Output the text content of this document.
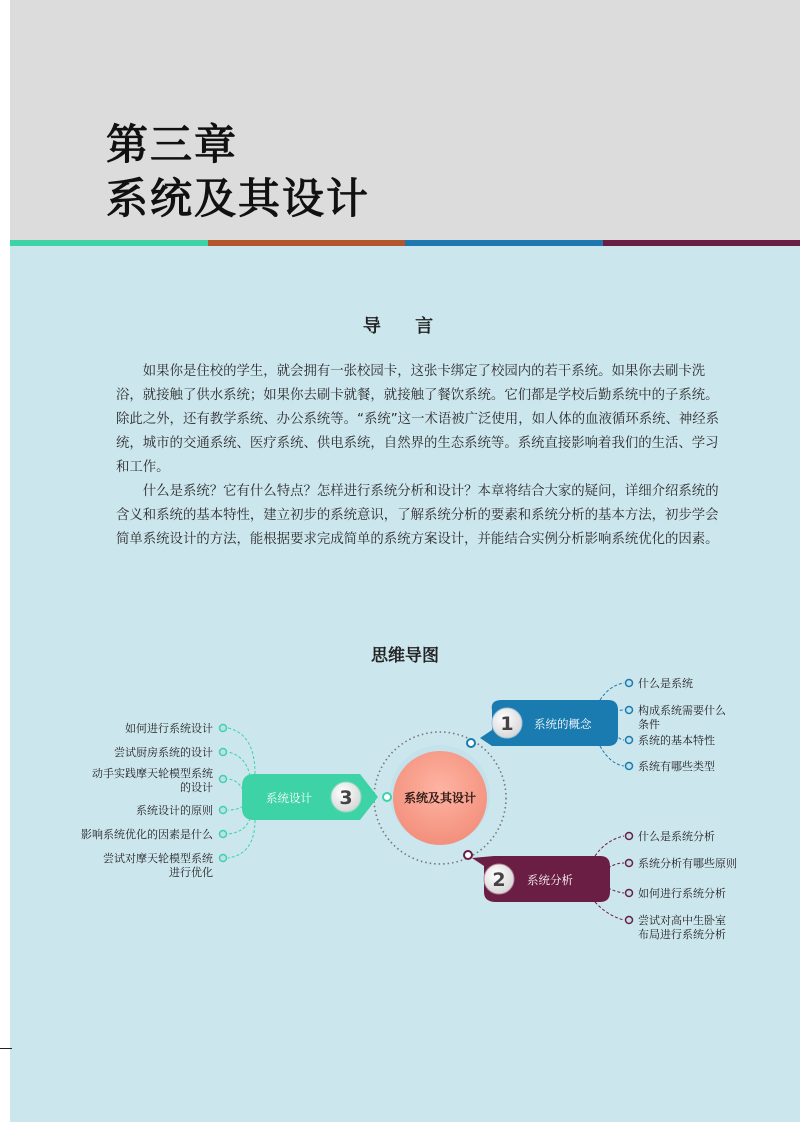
第三章
系统及其设计
导 言

如果你是住校的学生，就会拥有一张校园卡，这张卡绑定了校园内的若干系统。如果你去刷卡洗浴，就接触了供水系统；如果你去刷卡就餐，就接触了餐饮系统。它们都是学校后勤系统中的子系统。除此之外，还有教学系统、办公系统等。“系统”这一术语被广泛使用，如人体的血液循环系统、神经系统，城市的交通系统、医疗系统、供电系统，自然界的生态系统等。系统直接影响着我们的生活、学习和工作。

什么是系统？它有什么特点？怎样进行系统分析和设计？本章将结合大家的疑问，详细介绍系统的含义和系统的基本特性，建立初步的系统意识，了解系统分析的要素和系统分析的基本方法，初步学会简单系统设计的方法，能根据要求完成简单的系统方案设计，并能结合实例分析影响系统优化的因素。

思维导图
系统及其设计
1 系统的概念
什么是系统
构成系统需要什么条件
系统的基本特性
系统有哪些类型
2 系统分析
什么是系统分析
系统分析有哪些原则
如何进行系统分析
尝试对高中生卧室布局进行系统分析
3
系统设计
如何进行系统设计
尝试厨房系统的设计
动手实践摩天轮模型系统的设计
系统设计的原则
影响系统优化的因素是什么
尝试对摩天轮模型系统进行优化
